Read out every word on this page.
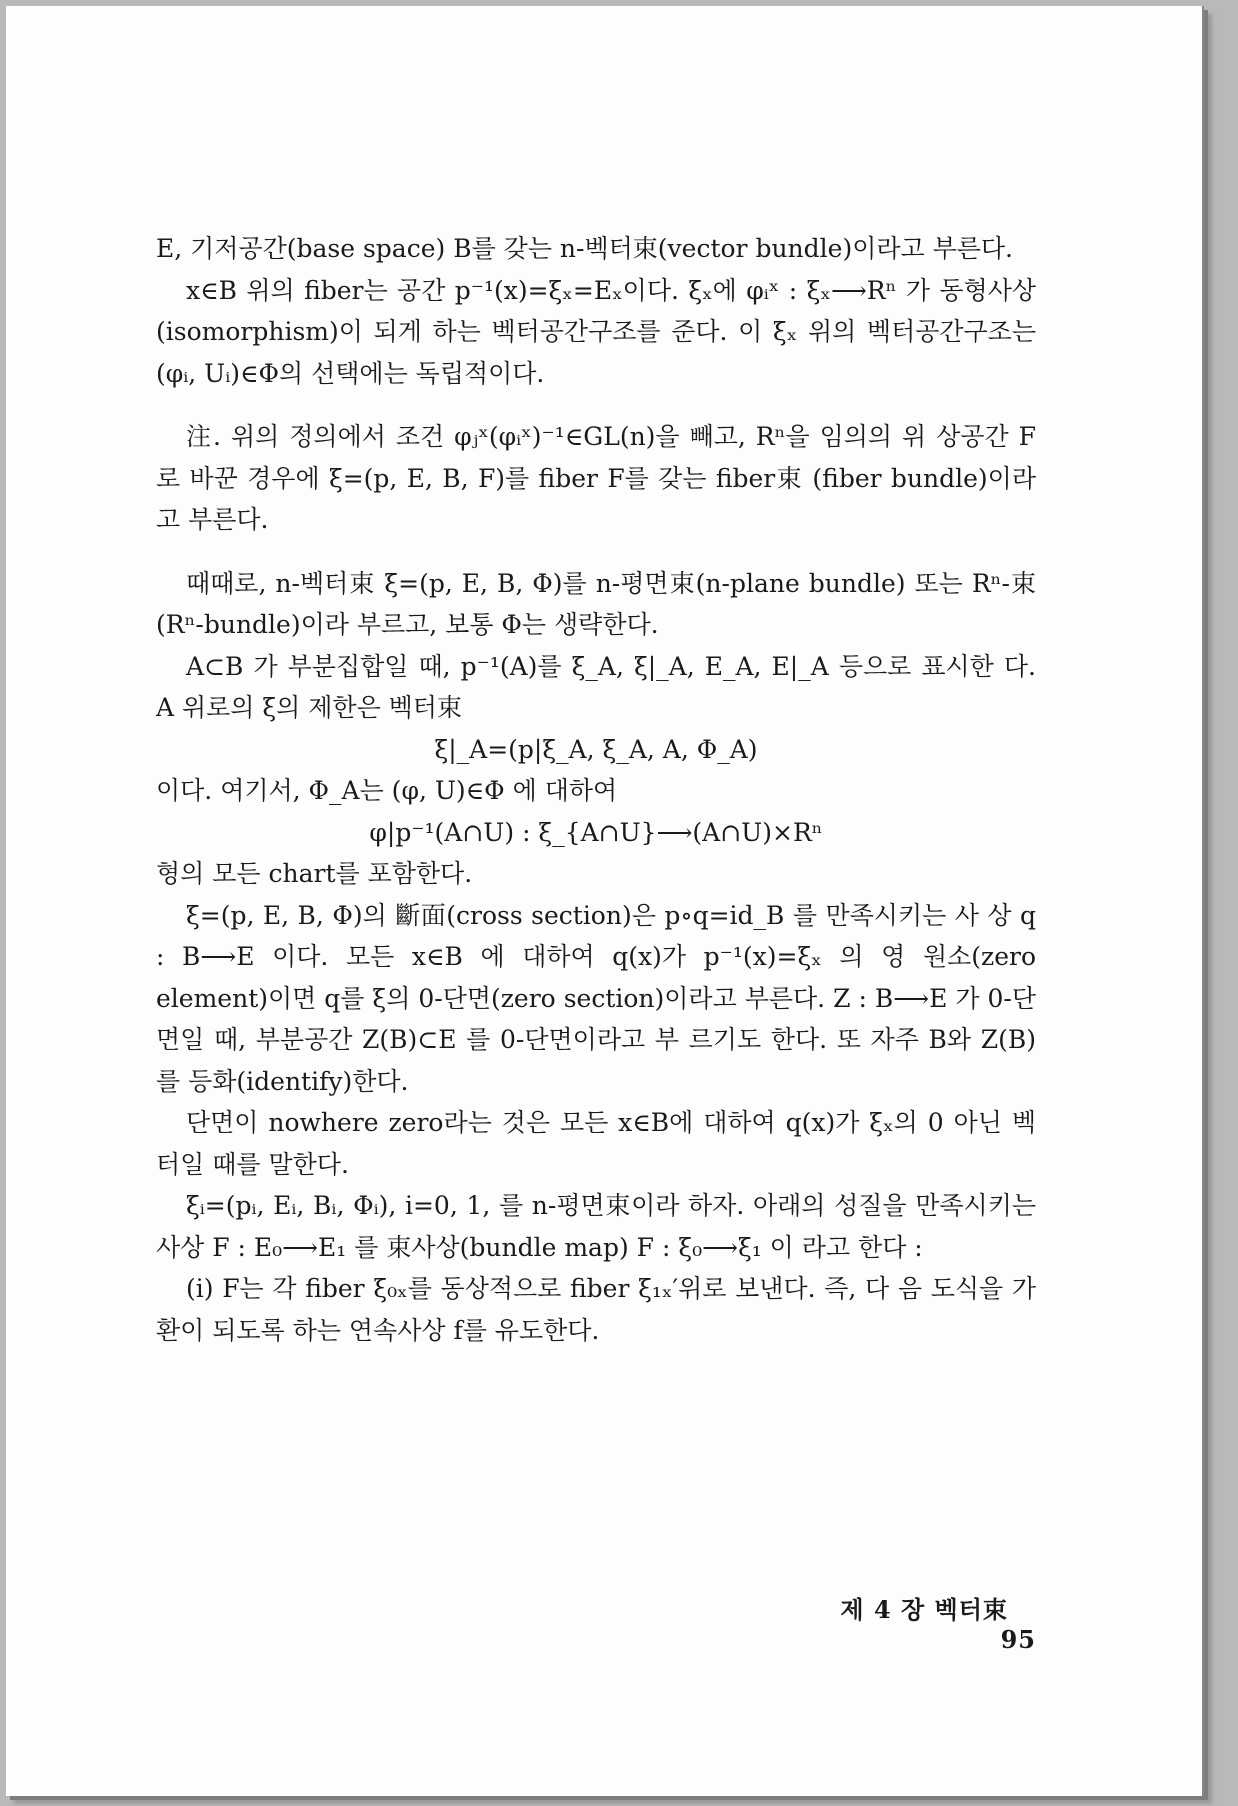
E, 기저공간(base space) B를 갖는 n-벡터束(vector bundle)이라고 부른다.
x∈B 위의 fiber는 공간 p⁻¹(x)=ξₓ=Eₓ이다. ξₓ에 φᵢˣ : ξₓ⟶Rⁿ 가 동형사상(isomorphism)이 되게 하는 벡터공간구조를 준다. 이 ξₓ 위의 벡터공간구조는 (φᵢ, Uᵢ)∈Φ의 선택에는 독립적이다.
注. 위의 정의에서 조건 φⱼˣ(φᵢˣ)⁻¹∈GL(n)을 빼고, Rⁿ을 임의의 위 상공간 F로 바꾼 경우에 ξ=(p, E, B, F)를 fiber F를 갖는 fiber束 (fiber bundle)이라고 부른다.
때때로, n-벡터束 ξ=(p, E, B, Φ)를 n-평면束(n-plane bundle) 또는 Rⁿ-束(Rⁿ-bundle)이라 부르고, 보통 Φ는 생략한다.
A⊂B 가 부분집합일 때, p⁻¹(A)를 ξ_A, ξ|_A, E_A, E|_A 등으로 표시한 다. A 위로의 ξ의 제한은 벡터束
ξ|_A=(p|ξ_A, ξ_A, A, Φ_A)
이다. 여기서, Φ_A는 (φ, U)∈Φ 에 대하여
φ|p⁻¹(A∩U) : ξ_{A∩U}⟶(A∩U)×Rⁿ
형의 모든 chart를 포함한다.
ξ=(p, E, B, Φ)의 斷面(cross section)은 p∘q=id_B 를 만족시키는 사 상 q : B⟶E 이다. 모든 x∈B 에 대하여 q(x)가 p⁻¹(x)=ξₓ 의 영 원소(zero element)이면 q를 ξ의 0-단면(zero section)이라고 부른다. Z : B⟶E 가 0-단면일 때, 부분공간 Z(B)⊂E 를 0-단면이라고 부 르기도 한다. 또 자주 B와 Z(B)를 등화(identify)한다.
단면이 nowhere zero라는 것은 모든 x∈B에 대하여 q(x)가 ξₓ의 0 아닌 벡터일 때를 말한다.
ξᵢ=(pᵢ, Eᵢ, Bᵢ, Φᵢ), i=0, 1, 를 n-평면束이라 하자. 아래의 성질을 만족시키는 사상 F : E₀⟶E₁ 를 束사상(bundle map) F : ξ₀⟶ξ₁ 이 라고 한다 :
(i) F는 각 fiber ξ₀ₓ를 동상적으로 fiber ξ₁ₓ′위로 보낸다. 즉, 다 음 도식을 가환이 되도록 하는 연속사상 f를 유도한다.
제 4 장 벡터束    95
